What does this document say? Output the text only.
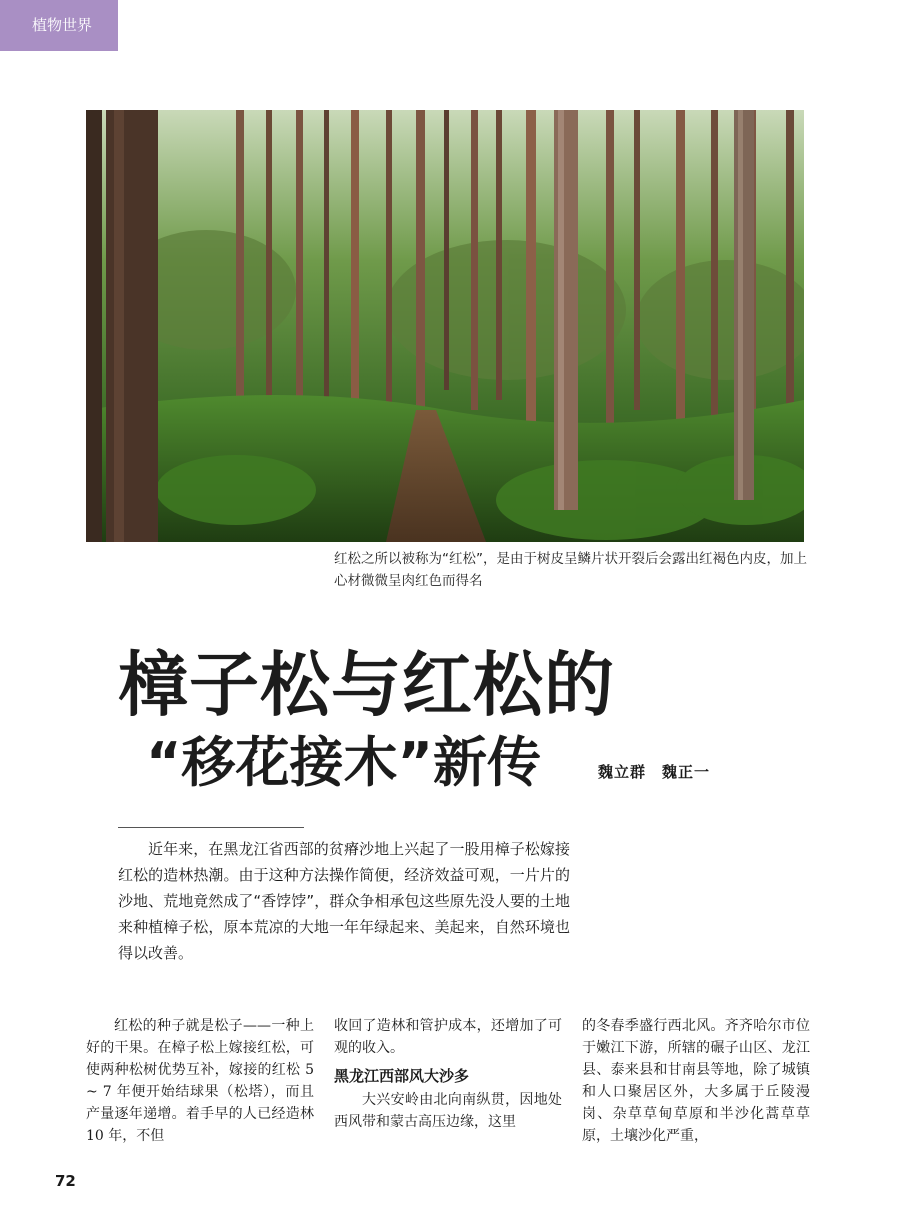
植物世界
红松之所以被称为“红松”，是由于树皮呈鳞片状开裂后会露出红褐色内皮，加上心材微微呈肉红色而得名
樟子松与红松的
“移花接木”新传	魏立群 魏正一

近年来，在黑龙江省西部的贫瘠沙地上兴起了一股用樟子松嫁接红松的造林热潮。由于这种方法操作简便，经济效益可观，一片片的沙地、荒地竟然成了“香饽饽”，群众争相承包这些原先没人要的土地来种植樟子松，原本荒凉的大地一年年绿起来、美起来，自然环境也得以改善。

红松的种子就是松子——一种上好的干果。在樟子松上嫁接红松，可使两种松树优势互补，嫁接的红松 5 ~ 7 年便开始结球果（松塔），而且产量逐年递增。着手早的人已经造林 10 年，不但

收回了造林和管护成本，还增加了可观的收入。

黑龙江西部风大沙多

大兴安岭由北向南纵贯，因地处西风带和蒙古高压边缘，这里

的冬春季盛行西北风。齐齐哈尔市位于嫩江下游，所辖的碾子山区、龙江县、泰来县和甘南县等地，除了城镇和人口聚居区外，大多属于丘陵漫岗、杂草草甸草原和半沙化蒿草草原，土壤沙化严重，

72
